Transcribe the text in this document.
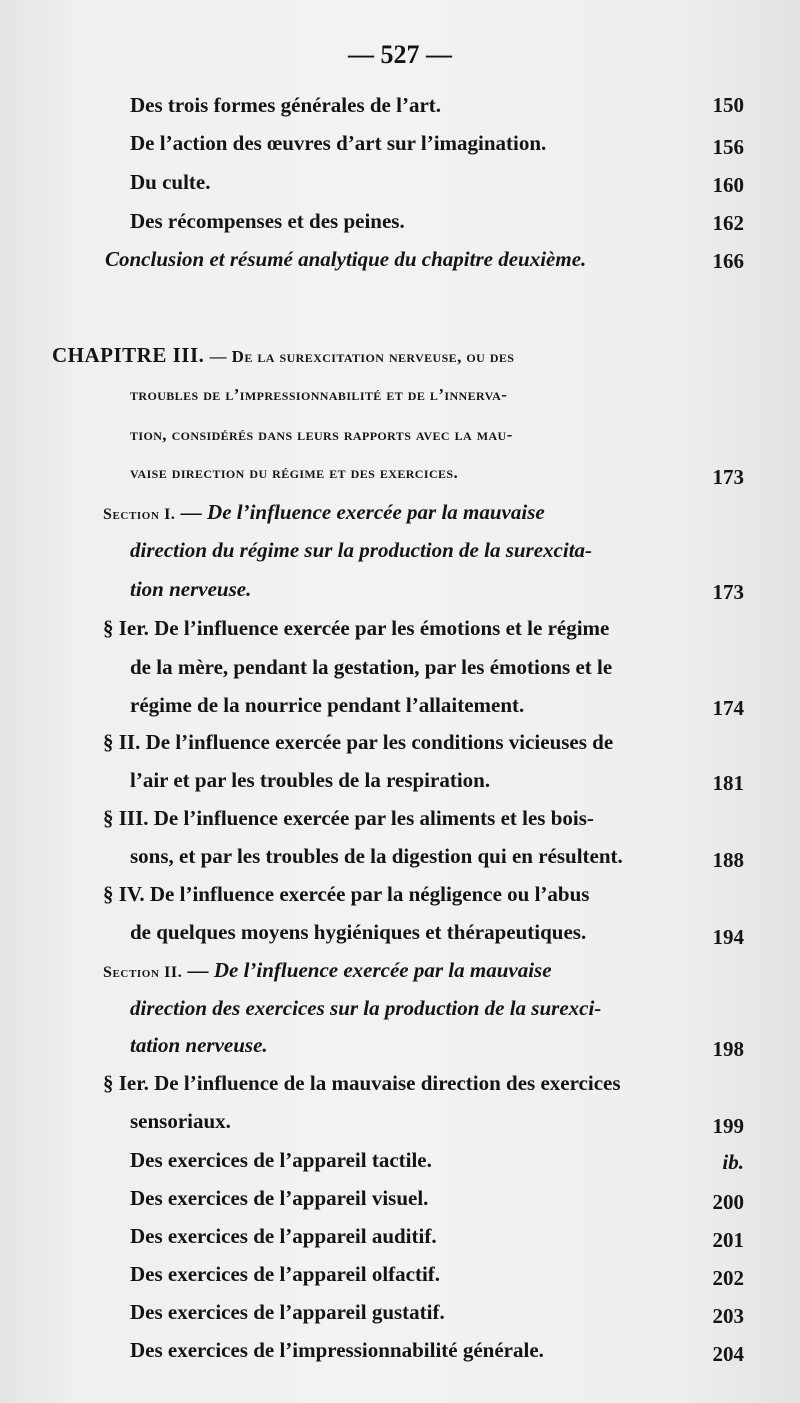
— 527 —
Des trois formes générales de l’art.	150
De l’action des œuvres d’art sur l’imagination.	156
Du culte.	160
Des récompenses et des peines.	162
Conclusion et résumé analytique du chapitre deuxième.	166
CHAPITRE III. — De la surexcitation nerveuse, ou des
troubles de l’impressionnabilité et de l’innerva-
tion, considérés dans leurs rapports avec la mau-
vaise direction du régime et des exercices.	173
Section I. — De l’influence exercée par la mauvaise
direction du régime sur la production de la surexcita-
tion nerveuse.	173
§ Ier. De l’influence exercée par les émotions et le régime
de la mère, pendant la gestation, par les émotions et le
régime de la nourrice pendant l’allaitement.	174
§ II. De l’influence exercée par les conditions vicieuses de
l’air et par les troubles de la respiration.	181
§ III. De l’influence exercée par les aliments et les bois-
sons, et par les troubles de la digestion qui en résultent.	188
§ IV. De l’influence exercée par la négligence ou l’abus
de quelques moyens hygiéniques et thérapeutiques.	194
Section II. — De l’influence exercée par la mauvaise
direction des exercices sur la production de la surexci-
tation nerveuse.	198
§ Ier. De l’influence de la mauvaise direction des exercices
sensoriaux.	199
Des exercices de l’appareil tactile.	ib.
Des exercices de l’appareil visuel.	200
Des exercices de l’appareil auditif.	201
Des exercices de l’appareil olfactif.	202
Des exercices de l’appareil gustatif.	203
Des exercices de l’impressionnabilité générale.	204
